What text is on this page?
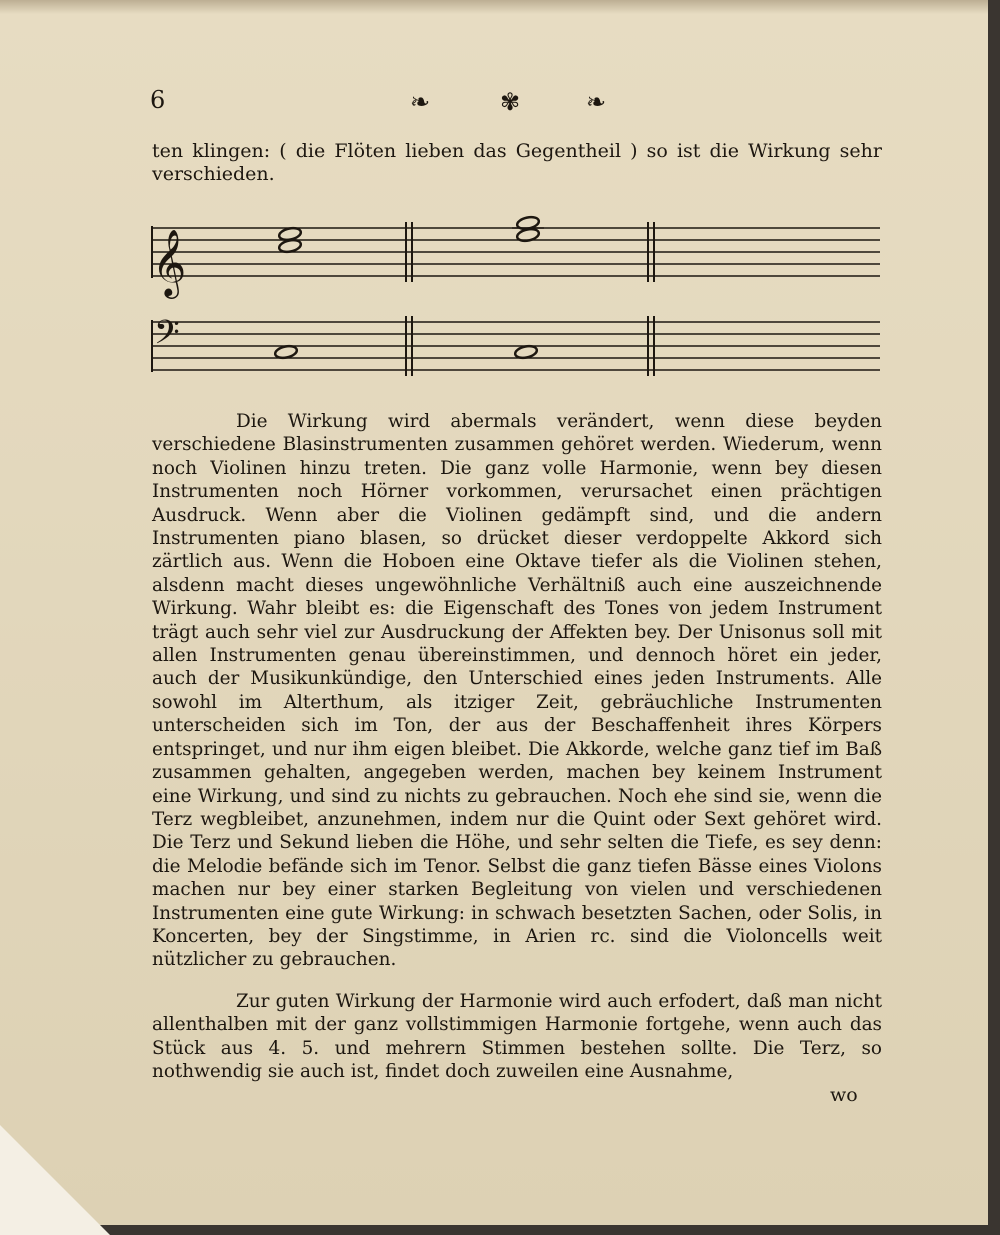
6	❧	✾	❧
ten klingen: ( die Flöten lieben das Gegentheil ) so ist die Wirkung sehr verschieden.
𝄞
𝄢

Die Wirkung wird abermals verändert, wenn diese beyden verschiedene Blasinstrumenten zusammen gehöret werden. Wiederum, wenn noch Violinen hinzu treten. Die ganz volle Harmonie, wenn bey diesen Instrumenten noch Hörner vorkommen, verursachet einen prächtigen Ausdruck. Wenn aber die Violinen gedämpft sind, und die andern Instrumenten piano blasen, so drücket dieser verdoppelte Akkord sich zärtlich aus. Wenn die Hoboen eine Oktave tiefer als die Violinen stehen, alsdenn macht dieses ungewöhnliche Verhältniß auch eine auszeichnende Wirkung. Wahr bleibt es: die Eigenschaft des Tones von jedem Instrument trägt auch sehr viel zur Ausdruckung der Affekten bey. Der Unisonus soll mit allen Instrumenten genau übereinstimmen, und dennoch höret ein jeder, auch der Musikunkündige, den Unterschied eines jeden Instruments. Alle sowohl im Alterthum, als itziger Zeit, gebräuchliche Instrumenten unterscheiden sich im Ton, der aus der Beschaffenheit ihres Körpers entspringet, und nur ihm eigen bleibet. Die Akkorde, welche ganz tief im Baß zusammen gehalten, angegeben werden, machen bey keinem Instrument eine Wirkung, und sind zu nichts zu gebrauchen. Noch ehe sind sie, wenn die Terz wegbleibet, anzunehmen, indem nur die Quint oder Sext gehöret wird. Die Terz und Sekund lieben die Höhe, und sehr selten die Tiefe, es sey denn: die Melodie befände sich im Tenor. Selbst die ganz tiefen Bässe eines Violons machen nur bey einer starken Begleitung von vielen und verschiedenen Instrumenten eine gute Wirkung: in schwach besetzten Sachen, oder Solis, in Koncerten, bey der Singstimme, in Arien rc. sind die Violoncells weit nützlicher zu gebrauchen.

Zur guten Wirkung der Harmonie wird auch erfodert, daß man nicht allenthalben mit der ganz vollstimmigen Harmonie fortgehe, wenn auch das Stück aus 4. 5. und mehrern Stimmen bestehen sollte. Die Terz, so nothwendig sie auch ist, findet doch zuweilen eine Ausnahme,

wo
